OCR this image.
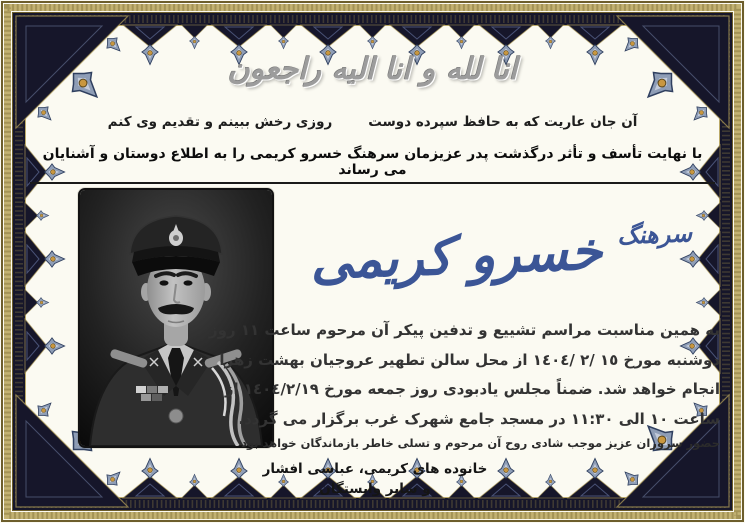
انا لله و انا الیه راجعون
آن جان عاریت که به حافظ سپرده دوست
روزی رخش ببینم و تقدیم وی کنم
با نهایت تأسف و تأثر درگذشت پدر عزیزمان سرهنگ خسرو کریمی را به اطلاع دوستان و آشنایان می رساند
سرهنگ خسرو کریمی
به همین مناسبت مراسم تشییع و تدفین پیکر آن مرحوم ساعت ١١ روز
دوشنبه مورخ ١٥ /٢ /١٤٠٤ از محل سالن تطهیر عروجیان بهشت زهرا
انجام خواهد شد. ضمناً مجلس یادبودی روز جمعه مورخ ١٤٠٤/٢/١٩ از
ساعت ١٠ الی ١١:٣٠ در مسجد جامع شهرک غرب برگزار می گردد.
حضور سروران عزیز موجب شادی روح آن مرحوم و تسلی خاطر بازماندگان خواهد بود
خانوده های کریمی، عباسی افشار
و سایر وابستگان
